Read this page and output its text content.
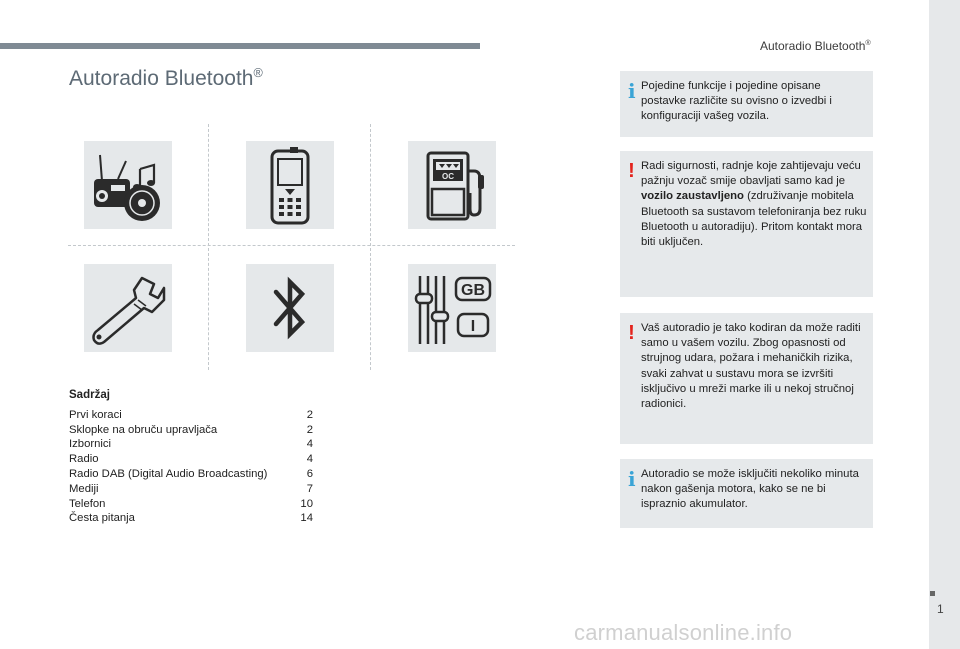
Autoradio Bluetooth®
Autoradio Bluetooth®
OC
GB
I
Sadržaj
Prvi koraci	2
Sklopke na obruču upravljača	2
Izbornici	4
Radio	4
Radio DAB (Digital Audio Broadcasting)	6
Mediji	7
Telefon	10
Česta pitanja	14
i Pojedine funkcije i pojedine opisane postavke različite su ovisno o izvedbi i konfiguraciji vašeg vozila.

! Radi sigurnosti, radnje koje zahtijevaju veću pažnju vozač smije obavljati samo kad je vozilo zaustavljeno (združivanje mobitela Bluetooth sa sustavom telefoniranja bez ruku Bluetooth u autoradiju). Pritom kontakt mora biti uključen.

! Vaš autoradio je tako kodiran da može raditi samo u vašem vozilu. Zbog opasnosti od strujnog udara, požara i mehaničkih rizika, svaki zahvat u sustavu mora se izvršiti isključivo u mreži marke ili u nekoj stručnoj radionici.

i Autoradio se može isključiti nekoliko minuta nakon gašenja motora, kako se ne bi ispraznio akumulator.

1
carmanualsonline.info
